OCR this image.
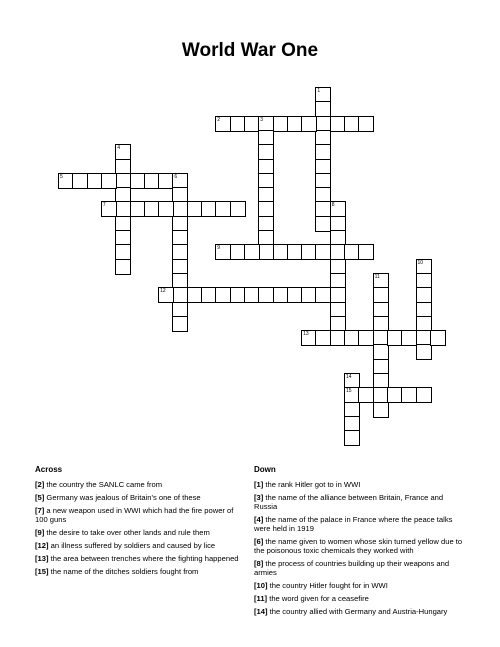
World War One
1
2	3
4
5	6
7	8
9
10
11
12
13
14
15
Across	Down
[2] the country the SANLC came from
[5] Germany was jealous of Britain's one of these
[7] a new weapon used in WWI which had the fire power of 100 guns
[9] the desire to take over other lands and rule them
[12] an illness suffered by soldiers and caused by lice
[13] the area between trenches where the fighting happened
[15] the name of the ditches soldiers fought from
[1] the rank Hitler got to in WWI
[3] the name of the alliance between Britain, France and Russia
[4] the name of the palace in France where the peace talks were held in 1919
[6] the name given to women whose skin turned yellow due to the poisonous toxic chemicals they worked with
[8] the process of countries building up their weapons and armies
[10] the country Hitler fought for in WWI
[11] the word given for a ceasefire
[14] the country allied with Germany and Austria-Hungary
